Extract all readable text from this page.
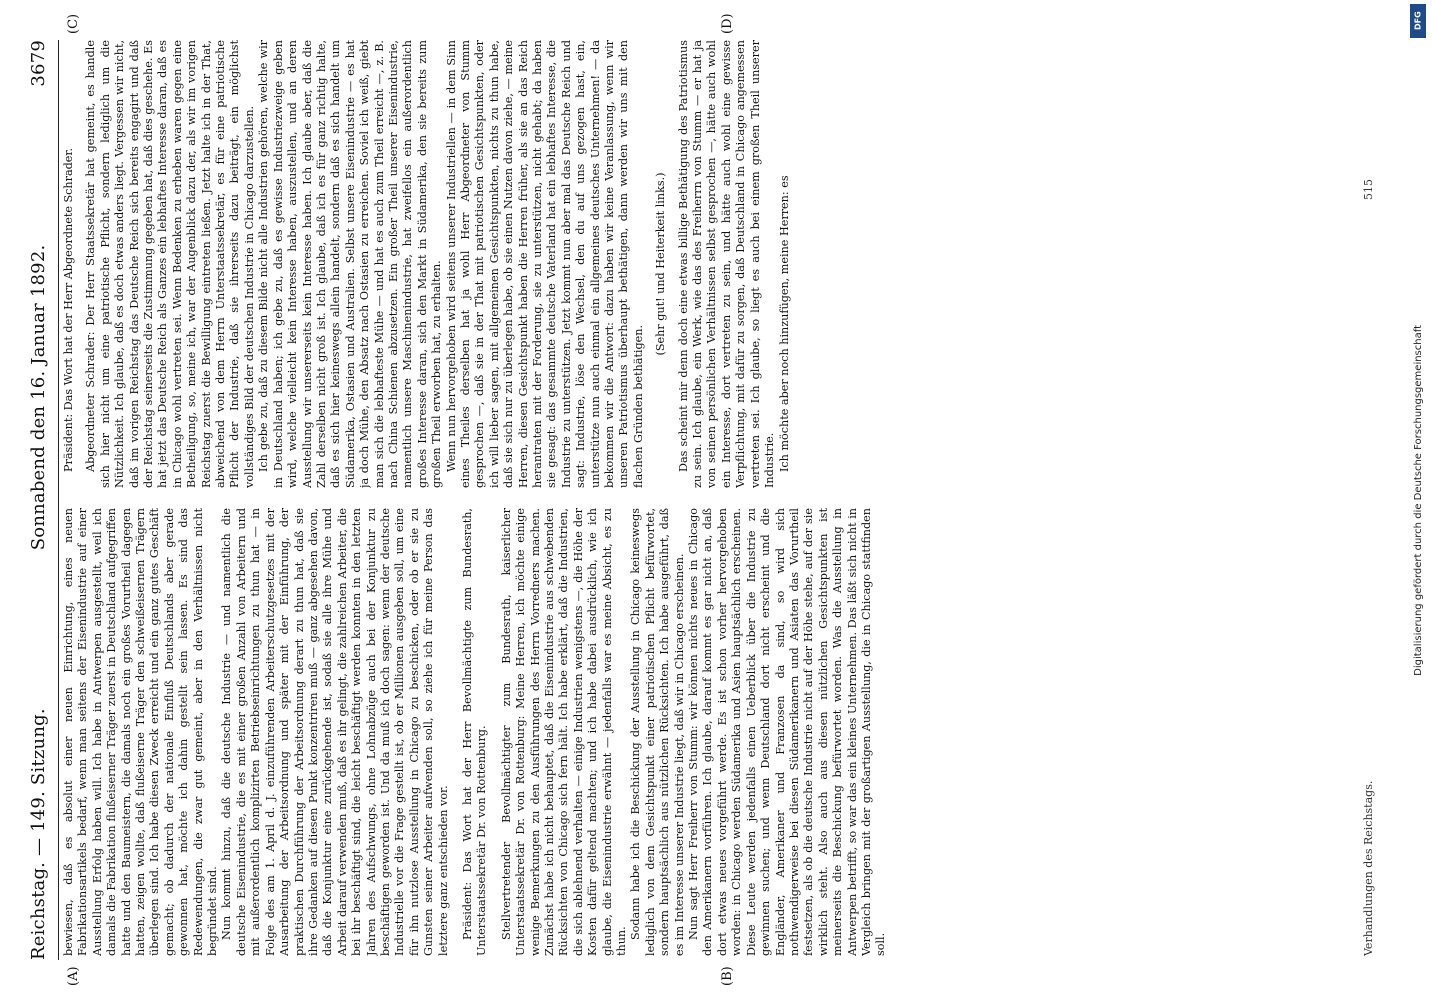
Reichstag. — 149. Sitzung.
Sonnabend den 16. Januar 1892.
3679
(A)	(B)
(C)	(D)

bewiesen, daß es absolut einer neuen Einrichtung, eines neuen Fabrikationsartikels bedarf, wenn man seitens der Eisenindustrie auf einer Ausstellung Erfolg haben will. Ich habe in Antwerpen ausgestellt, weil ich damals die Fabrikation flußeiserner Träger zuerst in Deutschland aufgegriffen hatte und den Baumeistern, die damals noch ein großes Vorurtheil dagegen hatten, zeigen wollte, daß flußeiserne Träger den schweißeisernen Trägern überlegen sind. Ich habe diesen Zweck erreicht und ein ganz gutes Geschäft gemacht; ob dadurch der nationale Einfluß Deutschlands aber gerade gewonnen hat, möchte ich dahin gestellt sein lassen. Es sind das Redewendungen, die zwar gut gemeint, aber in den Verhältnissen nicht begründet sind. Nun kommt hinzu, daß die deutsche Industrie — und namentlich die deutsche Eisenindustrie, die es mit einer großen Anzahl von Arbeitern und mit außerordentlich komplizirten Betriebseinrichtungen zu thun hat — in Folge des am 1. April d. J. einzuführenden Arbeiterschutzgesetzes mit der Ausarbeitung der Arbeitsordnung und später mit der Einführung, der praktischen Durchführung der Arbeitsordnung derart zu thun hat, daß sie ihre Gedanken auf diesen Punkt konzentriren muß — ganz abgesehen davon, daß die Konjunktur eine zurückgehende ist, sodaß sie alle ihre Mühe und Arbeit darauf verwenden muß, daß es ihr gelingt, die zahlreichen Arbeiter, die bei ihr beschäftigt sind, die leicht beschäftigt werden konnten in den letzten Jahren des Aufschwungs, ohne Lohnabzüge auch bei der Konjunktur zu beschäftigen geworden ist. Und da muß ich doch sagen: wenn der deutsche Industrielle vor die Frage gestellt ist, ob er Millionen ausgeben soll, um eine für ihn nutzlose Ausstellung in Chicago zu beschicken, oder ob er sie zu Gunsten seiner Arbeiter aufwenden soll, so ziehe ich für meine Person das letztere ganz entschieden vor. Präsident: Das Wort hat der Herr Bevollmächtigte zum Bundesrath, Unterstaatssekretär Dr. von Rottenburg. Stellvertretender Bevollmächtigter zum Bundesrath, kaiserlicher Unterstaatssekretär Dr. von Rottenburg: Meine Herren, ich möchte einige wenige Bemerkungen zu den Ausführungen des Herrn Vorredners machen. Zunächst habe ich nicht behauptet, daß die Eisenindustrie aus schwebenden Rücksichten von Chicago sich fern hält. Ich habe erklärt, daß die Industrien, die sich ablehnend verhalten — einige Industrien wenigstens —, die Höhe der Kosten dafür geltend machten; und ich habe dabei ausdrücklich, wie ich glaube, die Eisenindustrie erwähnt — jedenfalls war es meine Absicht, es zu thun.

Sodann habe ich die Beschickung der Ausstellung in Chicago keineswegs lediglich von dem Gesichtspunkt einer patriotischen Pflicht befürwortet, sondern hauptsächlich aus nützlichen Rücksichten. Ich habe ausgeführt, daß es im Interesse unserer Industrie liegt, daß wir in Chicago erscheinen. Nun sagt Herr Freiherr von Stumm: wir können nichts neues in Chicago den Amerikanern vorführen. Ich glaube, darauf kommt es gar nicht an, daß dort etwas neues vorgeführt werde. Es ist schon vorher hervorgehoben worden: in Chicago werden Südamerika und Asien hauptsächlich erscheinen. Diese Leute werden jedenfalls einen Ueberblick über die Industrie zu gewinnen suchen; und wenn Deutschland dort nicht erscheint und die Engländer, Amerikaner und Franzosen da sind, so wird sich nothwendigerweise bei diesen Südamerikanern und Asiaten das Vorurtheil festsetzen, als ob die deutsche Industrie nicht auf der Höhe stehe, auf der sie wirklich steht. Also auch aus diesen nützlichen Gesichtspunkten ist meinerseits die Beschickung befürwortet worden. Was die Ausstellung in Antwerpen betrifft, so war das ein kleines Unternehmen. Das läßt sich nicht in Vergleich bringen mit der großartigen Ausstellung, die in Chicago stattfinden soll.

Präsident: Das Wort hat der Herr Abgeordnete Schrader. Abgeordneter Schrader: Der Herr Staatssekretär hat gemeint, es handle sich hier nicht um eine patriotische Pflicht, sondern lediglich um die Nützlichkeit. Ich glaube, daß es doch etwas anders liegt. Vergessen wir nicht, daß im vorigen Reichstag das Deutsche Reich sich bereits engagirt und daß der Reichstag seinerseits die Zustimmung gegeben hat, daß dies geschehe. Es hat jetzt das Deutsche Reich als Ganzes ein lebhaftes Interesse daran, daß es in Chicago wohl vertreten sei. Wenn Bedenken zu erheben waren gegen eine Betheiligung, so, meine ich, war der Augenblick dazu der, als wir im vorigen Reichstag zuerst die Bewilligung eintreten ließen. Jetzt halte ich in der That, abweichend von dem Herrn Unterstaatssekretär, es für eine patriotische Pflicht der Industrie, daß sie ihrerseits dazu beiträgt, ein möglichst vollständiges Bild der deutschen Industrie in Chicago darzustellen. Ich gebe zu, daß zu diesem Bilde nicht alle Industrien gehören, welche wir in Deutschland haben; ich gebe zu, daß es gewisse Industriezweige geben wird, welche vielleicht kein Interesse haben, auszustellen, und an deren Ausstellung wir unsererseits kein Interesse haben. Ich glaube aber, daß die Zahl derselben nicht groß ist. Ich glaube, daß ich es für ganz richtig halte, daß es sich hier keineswegs allein handelt, sondern daß es sich handelt um Südamerika, Ostasien und Australien. Selbst unsere Eisenindustrie — es hat ja doch Mühe, den Absatz nach Ostasien zu erreichen. Soviel ich weiß, giebt man sich die lebhafteste Mühe — und hat es auch zum Theil erreicht —, z. B. nach China Schienen abzusetzen. Ein großer Theil unserer Eisenindustrie, namentlich unsere Maschinenindustrie, hat zweifellos ein außerordentlich großes Interesse daran, sich den Markt in Südamerika, den sie bereits zum großen Theil erworben hat, zu erhalten. Wenn nun hervorgehoben wird seitens unserer Industriellen — in dem Sinn eines Theiles derselben hat ja wohl Herr Abgeordneter von Stumm gesprochen —, daß sie in der That mit patriotischen Gesichtspunkten, oder ich will lieber sagen, mit allgemeinen Gesichtspunkten, nichts zu thun habe, daß sie sich nur zu überlegen habe, ob sie einen Nutzen davon ziehe, — meine Herren, diesen Gesichtspunkt haben die Herren früher, als sie an das Reich herantraten mit der Forderung, sie zu unterstützen, nicht gehabt; da haben sie gesagt: das gesammte deutsche Vaterland hat ein lebhaftes Interesse, die Industrie zu unterstützen. Jetzt kommt nun aber mal das Deutsche Reich und sagt: Industrie, löse den Wechsel, den du auf uns gezogen hast, ein, unterstütze nun auch einmal ein allgemeines deutsches Unternehmen! — da bekommen wir die Antwort: dazu haben wir keine Veranlassung, wenn wir unseren Patriotismus überhaupt bethätigen, dann werden wir uns mit den flachen Gründen bethätigen.

(Sehr gut! und Heiterkeit links.) Das scheint mir denn doch eine etwas billige Bethätigung des Patriotismus zu sein. Ich glaube, ein Werk, wie das des Freiherrn von Stumm — er hat ja von seinen persönlichen Verhältnissen selbst gesprochen —, hätte auch wohl ein Interesse, dort vertreten zu sein, und hätte auch wohl eine gewisse Verpflichtung, mit dafür zu sorgen, daß Deutschland in Chicago angemessen vertreten sei. Ich glaube, so liegt es auch bei einem großen Theil unserer Industrie. Ich möchte aber noch hinzufügen, meine Herren: es

Verhandlungen des Reichstags.
515
DFG
Digitalisierung gefördert durch die Deutsche Forschungsgemeinschaft
